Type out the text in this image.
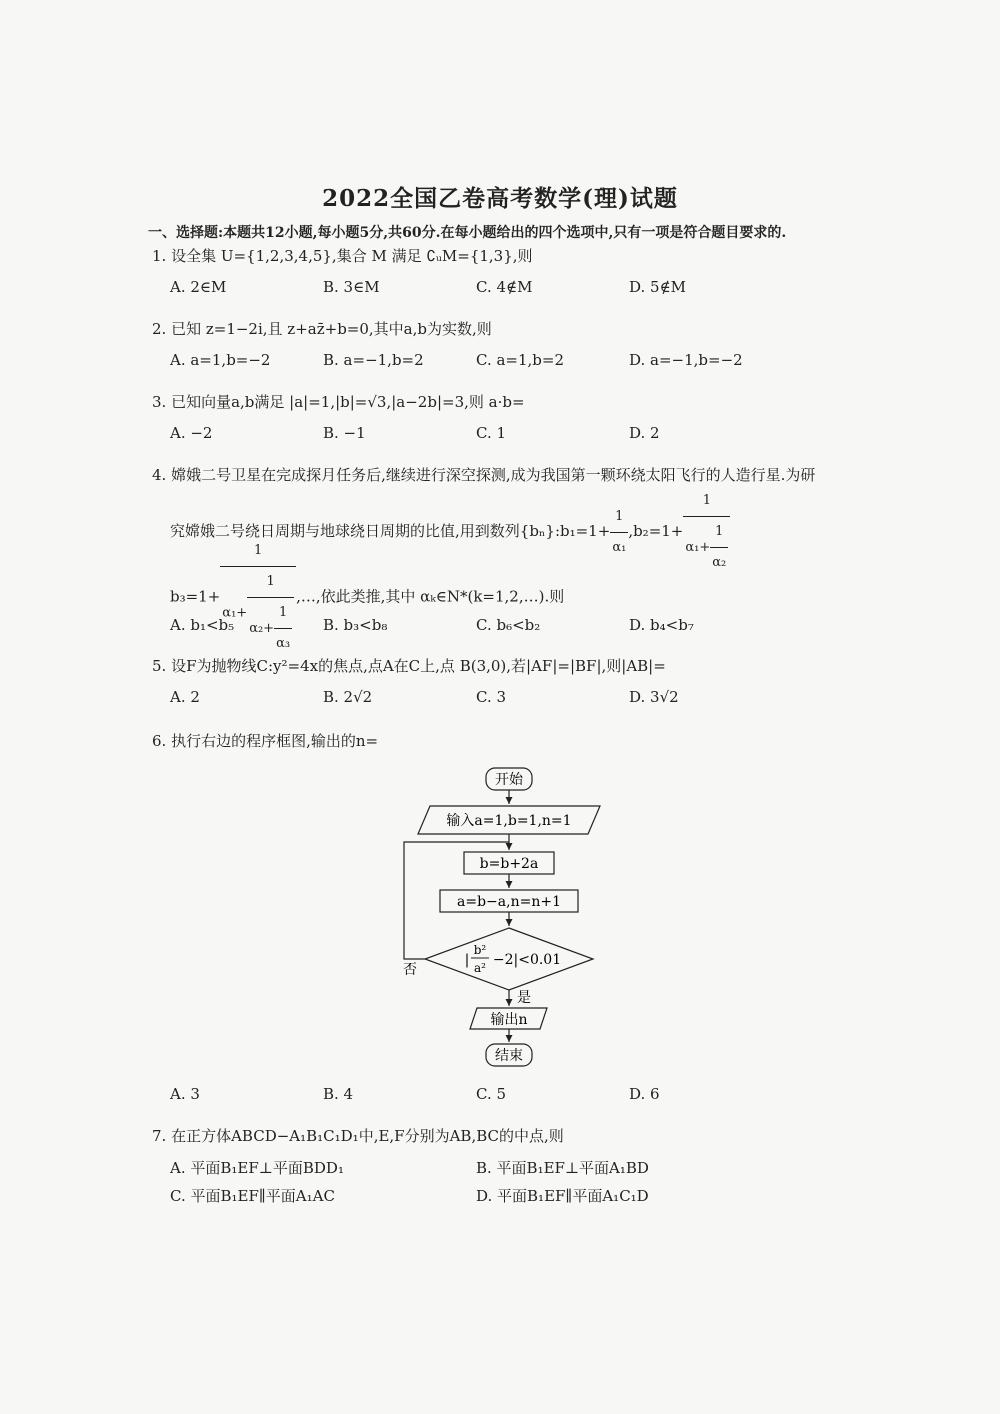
2022全国乙卷高考数学(理)试题
一、选择题:本题共12小题,每小题5分,共60分.在每小题给出的四个选项中,只有一项是符合题目要求的.
1. 设全集 U={1,2,3,4,5},集合 M 满足 ∁ᵤM={1,3},则
A. 2∈M	B. 3∈M	C. 4∉M	D. 5∉M
2. 已知 z=1−2i,且 z+az̄+b=0,其中a,b为实数,则
A. a=1,b=−2	B. a=−1,b=2	C. a=1,b=2	D. a=−1,b=−2
3. 已知向量a,b满足 |a|=1,|b|=√3,|a−2b|=3,则 a·b=
A. −2	B. −1	C. 1	D. 2
4. 嫦娥二号卫星在完成探月任务后,继续进行深空探测,成为我国第一颗环绕太阳飞行的人造行星.为研
究嫦娥二号绕日周期与地球绕日周期的比值,用到数列{bₙ}:b₁=1+ $\frac{1}{\text{α₁}} ,b_2=1+ \frac{1}{\alpha_1+ \frac{1}{\text{α₂}}}$
$b_3=1+ \frac{1}{\alpha_1+ \frac{1}{\alpha_2+ \frac{1}{\text{α₃}}}}$ ,…,依此类推,其中 αₖ∈N*(k=1,2,…).则
A. b₁<b₅	B. b₃<b₈	C. b₆<b₂	D. b₄<b₇
5. 设F为抛物线C:y²=4x的焦点,点A在C上,点 B(3,0),若|AF|=|BF|,则|AB|=
A. 2	B. 2√2	C. 3	D. 3√2
6. 执行右边的程序框图,输出的n=
开始
输入a=1,b=1,n=1
b=b+2a
a=b−a,n=n+1
|
b²
a² −2|<0.01
否
是
输出n
结束
A. 3	B. 4	C. 5	D. 6
7. 在正方体ABCD−A₁B₁C₁D₁中,E,F分别为AB,BC的中点,则
A. 平面B₁EF⊥平面BDD₁	B. 平面B₁EF⊥平面A₁BD
C. 平面B₁EF∥平面A₁AC	D. 平面B₁EF∥平面A₁C₁D
